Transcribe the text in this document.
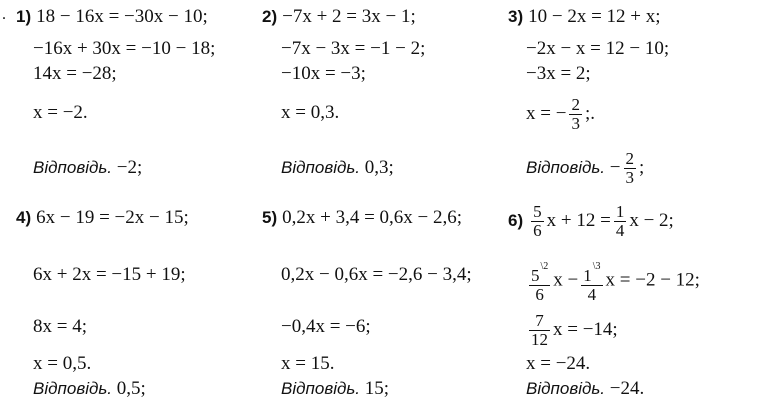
. 1) 18 − 16x = −30x − 10;
−16x + 30x = −10 − 18;
14x = −28;
x = −2.
Відповідь. −2;
2) −7x + 2 = 3x − 1;
−7x − 3x = −1 − 2;
−10x = −3;
x = 0,3.
Відповідь. 0,3;
3) 10 − 2x = 12 + x;
−2x − x = 12 − 10;
−3x = 2;
x = − $\frac{2}{3}$ ;.
Відповідь. − $\frac{2}{3}$ ;
4) 6x − 19 = −2x − 15;
6x + 2x = −15 + 19;
8x = 4;
x = 0,5.
Відповідь. 0,5;
5) 0,2x + 3,4 = 0,6x − 2,6;
0,2x − 0,6x = −2,6 − 3,4;
−0,4x = −6;
x = 15.
Відповідь. 15;
$6) \frac{5}{6}$ $x + 12 = \frac{1}{4}$ x − 2;
$\frac{5^{\backslash 2}}{6}$ $x - \frac{1^{\backslash 3}}{4}$ x = −2 − 12;
$\frac{7}{12}$ x = −14;
x = −24.
Відповідь. −24.
